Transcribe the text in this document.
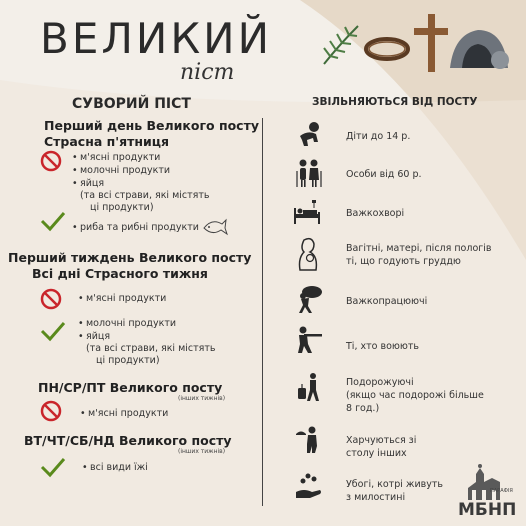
ВЕЛИКИЙ
піст
СУВОРИЙ ПІСТ	ЗВІЛЬНЯЮТЬСЯ ВІД ПОСТУ
Перший день Великого посту
Страсна п'ятниця
• м'ясні продукти
• молочні продукти
• яйця
(та всі страви, які містять
ці продукти)
• риба та рибні продукти
Перший тиждень Великого посту
Всі дні Страсного тижня
• м'ясні продукти
• молочні продукти
• яйця
(та всі страви, які містять
ці продукти)
ПН/СР/ПТ Великого посту
(інших тижнів)
• м'ясні продукти
ВТ/ЧТ/СБ/НД Великого посту
(інших тижнів)
• всі види їжі
Діти до 14 р.
Особи від 60 р.
Важкохворі
Вагітні, матері, після пологів
ті, що годують груддю
Важкопрацюючі
Ті, хто воюють
Подорожуючі
(якщо час подорожі більше
8 год.)
Харчуються зі
столу інших
Убогі, котрі живуть
з милостині
ПАРАФІЯ
МБНП
